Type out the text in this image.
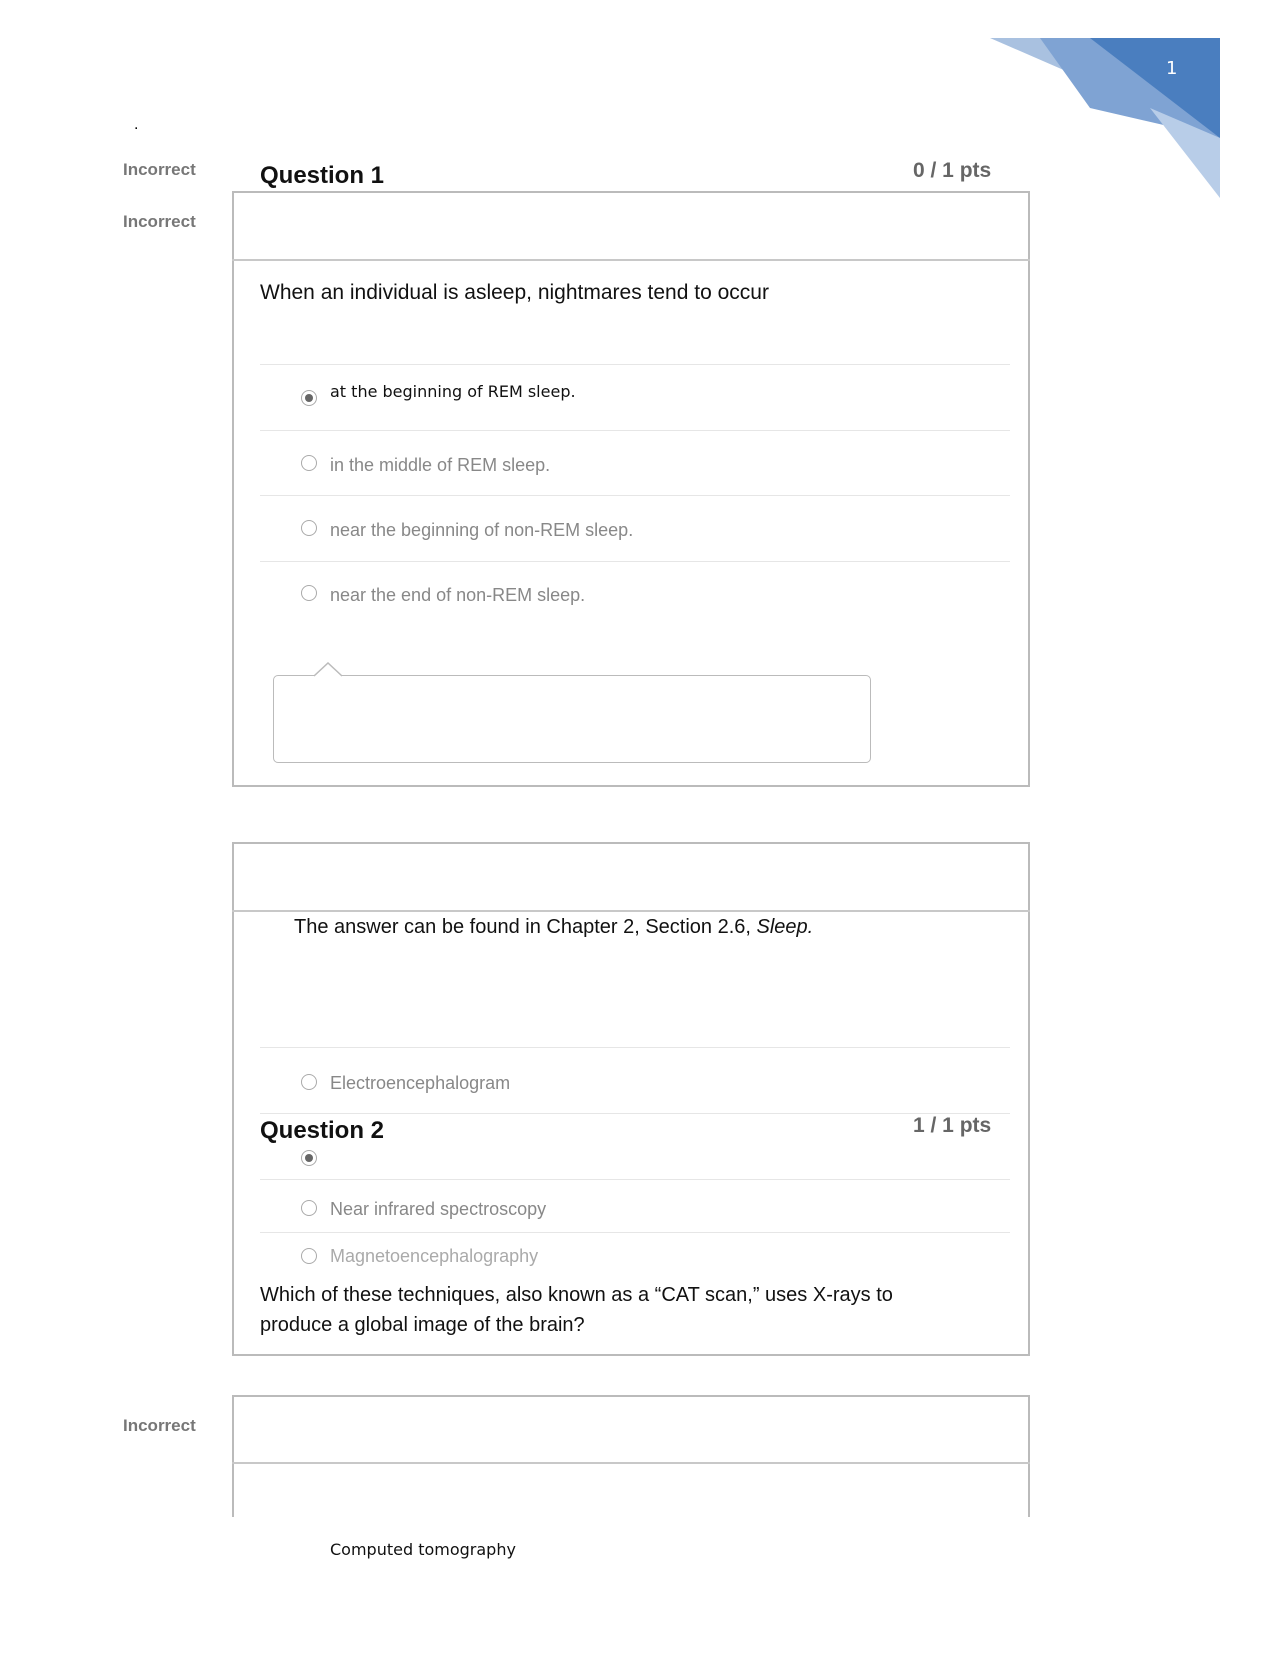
1
.
Incorrect
Incorrect
Question 1	0 / 1 pts
When an individual is asleep, nightmares tend to occur
at the beginning of REM sleep.
in the middle of REM sleep.
near the beginning of non-REM sleep.
near the end of non-REM sleep.
The answer can be found in Chapter 2, Section 2.6, Sleep.
Electroencephalogram
Question 2	1 / 1 pts
Near infrared spectroscopy
Magnetoencephalography
Which of these techniques, also known as a “CAT scan,” uses X-rays to
produce a global image of the brain?
Incorrect
Computed tomography
